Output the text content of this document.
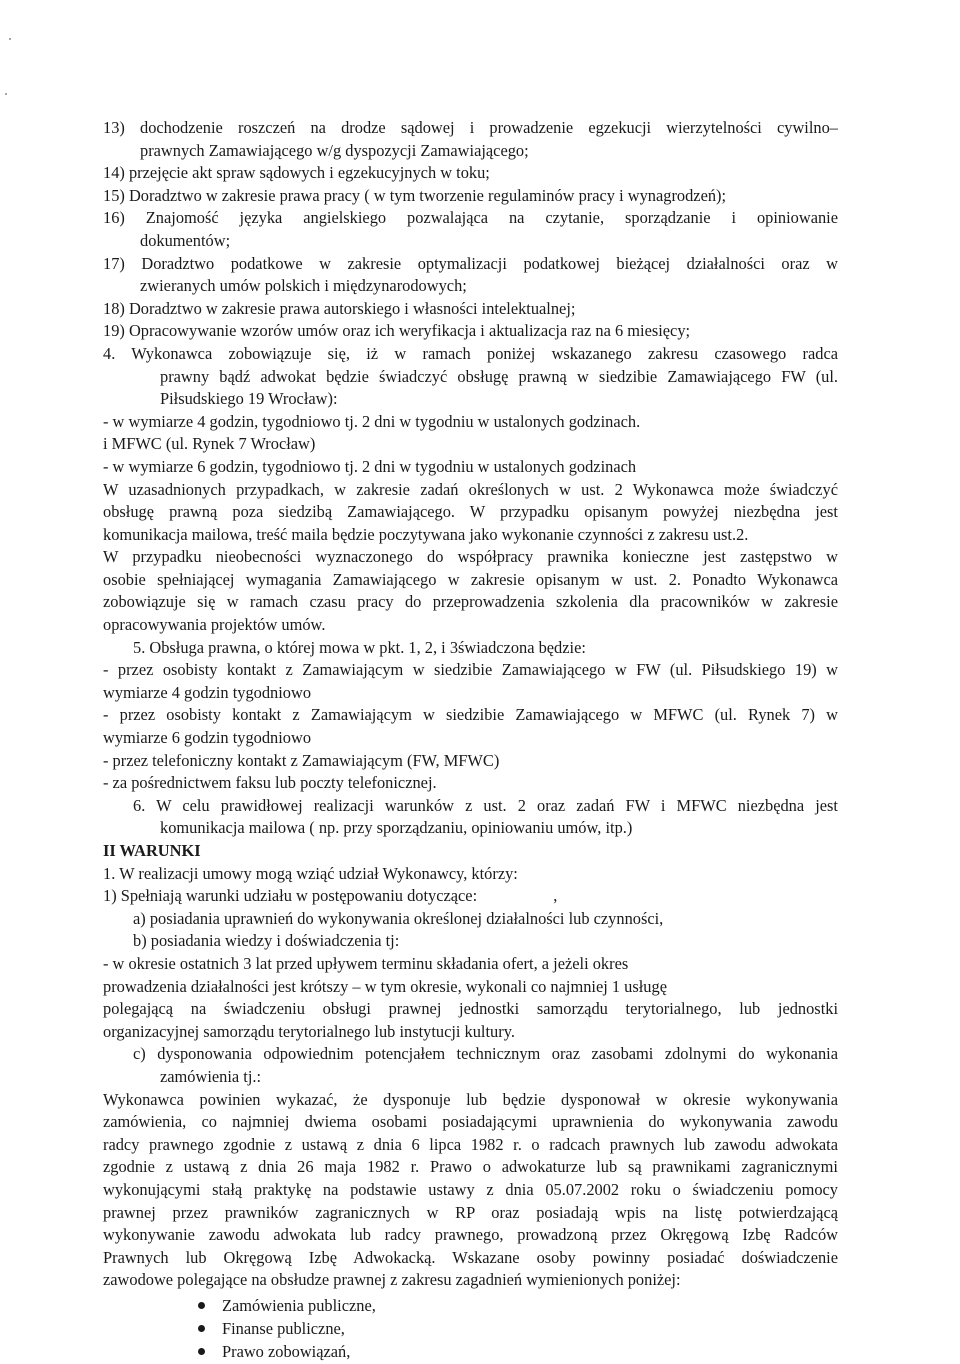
13) dochodzenie roszczeń na drodze sądowej i prowadzenie egzekucji wierzytelności cywilno–
prawnych Zamawiającego w/g dyspozycji Zamawiającego;
14) przejęcie akt spraw sądowych i egzekucyjnych w toku;
15) Doradztwo w zakresie prawa pracy ( w tym tworzenie regulaminów pracy i wynagrodzeń);
16) Znajomość języka angielskiego pozwalająca na czytanie, sporządzanie i opiniowanie
dokumentów;
17) Doradztwo podatkowe w zakresie optymalizacji podatkowej bieżącej działalności oraz w
zwieranych umów polskich i międzynarodowych;
18) Doradztwo w zakresie prawa autorskiego i własności intelektualnej;
19) Opracowywanie wzorów umów oraz ich weryfikacja i aktualizacja raz na 6 miesięcy;
4. Wykonawca zobowiązuje się, iż w ramach poniżej wskazanego zakresu czasowego radca
prawny bądź adwokat będzie świadczyć obsługę prawną w siedzibie Zamawiającego FW (ul.
Piłsudskiego 19 Wrocław):
- w wymiarze 4 godzin, tygodniowo tj. 2 dni w tygodniu w ustalonych godzinach.
i MFWC (ul. Rynek 7 Wrocław)
- w wymiarze 6 godzin, tygodniowo tj. 2 dni w tygodniu w ustalonych godzinach
W uzasadnionych przypadkach, w zakresie zadań określonych w ust. 2 Wykonawca może świadczyć
obsługę prawną poza siedzibą Zamawiającego. W przypadku opisanym powyżej niezbędna jest
komunikacja mailowa, treść maila będzie poczytywana jako wykonanie czynności z zakresu ust.2.
W przypadku nieobecności wyznaczonego do współpracy prawnika konieczne jest zastępstwo w
osobie spełniającej wymagania Zamawiającego w zakresie opisanym w ust. 2. Ponadto Wykonawca
zobowiązuje się w ramach czasu pracy do przeprowadzenia szkolenia dla pracowników w zakresie
opracowywania projektów umów.
5. Obsługa prawna, o której mowa w pkt. 1, 2, i 3świadczona będzie:
- przez osobisty kontakt z Zamawiającym w siedzibie Zamawiającego w FW (ul. Piłsudskiego 19) w
wymiarze 4 godzin tygodniowo
- przez osobisty kontakt z Zamawiającym w siedzibie Zamawiającego w MFWC (ul. Rynek 7) w
wymiarze 6 godzin tygodniowo
- przez telefoniczny kontakt z Zamawiającym (FW, MFWC)
- za pośrednictwem faksu lub poczty telefonicznej.
6. W celu prawidłowej realizacji warunków z ust. 2 oraz zadań FW i MFWC niezbędna jest
komunikacja mailowa ( np. przy sporządzaniu, opiniowaniu umów, itp.)
II WARUNKI
1. W realizacji umowy mogą wziąć udział Wykonawcy, którzy:
1) Spełniają warunki udziału w postępowaniu dotyczące:	,
a) posiadania uprawnień do wykonywania określonej działalności lub czynności,
b) posiadania wiedzy i doświadczenia tj:
- w okresie ostatnich 3 lat przed upływem terminu składania ofert, a jeżeli okres
prowadzenia działalności jest krótszy – w tym okresie, wykonali co najmniej 1 usługę
polegającą na świadczeniu obsługi prawnej jednostki samorządu terytorialnego, lub jednostki
organizacyjnej samorządu terytorialnego lub instytucji kultury.
c) dysponowania odpowiednim potencjałem technicznym oraz zasobami zdolnymi do wykonania
zamówienia tj.:
Wykonawca powinien wykazać, że dysponuje lub będzie dysponował w okresie wykonywania
zamówienia, co najmniej dwiema osobami posiadającymi uprawnienia do wykonywania zawodu
radcy prawnego zgodnie z ustawą z dnia 6 lipca 1982 r. o radcach prawnych lub zawodu adwokata
zgodnie z ustawą z dnia 26 maja 1982 r. Prawo o adwokaturze lub są prawnikami zagranicznymi
wykonującymi stałą praktykę na podstawie ustawy z dnia 05.07.2002 roku o świadczeniu pomocy
prawnej przez prawników zagranicznych w RP oraz posiadają wpis na listę potwierdzającą
wykonywanie zawodu adwokata lub radcy prawnego, prowadzoną przez Okręgową Izbę Radców
Prawnych lub Okręgową Izbę Adwokacką. Wskazane osoby powinny posiadać doświadczenie
zawodowe polegające na obsłudze prawnej z zakresu zagadnień wymienionych poniżej:
Zamówienia publiczne,
Finanse publiczne,
Prawo zobowiązań,
